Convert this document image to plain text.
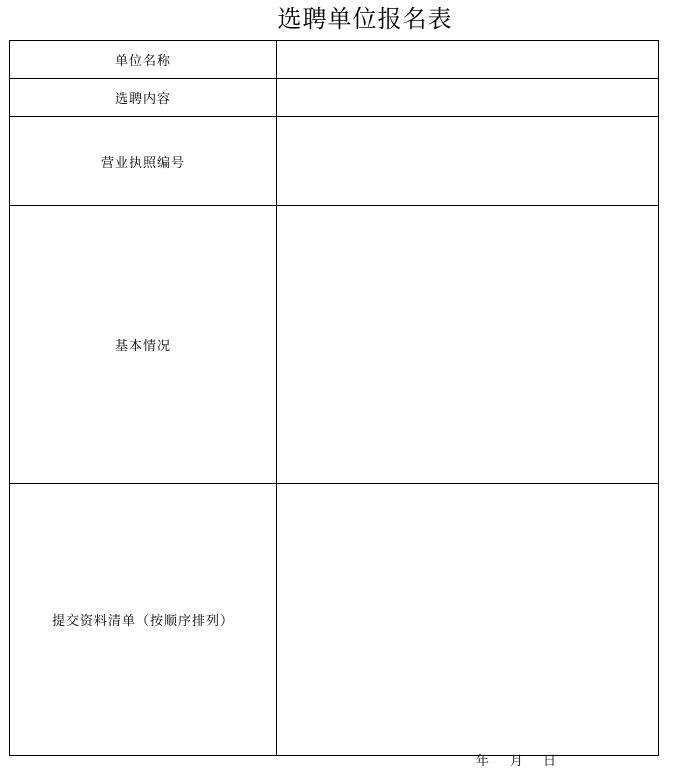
选聘单位报名表
单位名称	
选聘内容	
营业执照编号	
基本情况	
提交资料清单（按顺序排列）	
年 月 日
